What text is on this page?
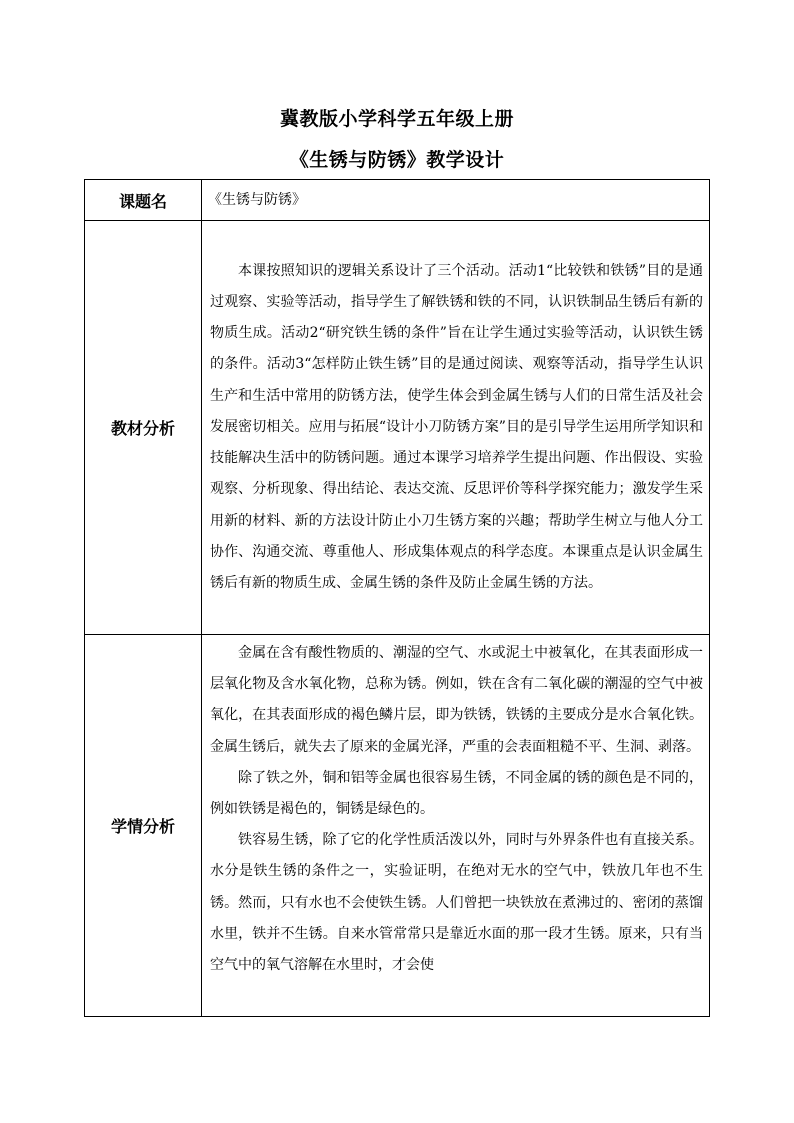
冀教版小学科学五年级上册
《生锈与防锈》教学设计
课题名	《生锈与防锈》
教材分析	本课按照知识的逻辑关系设计了三个活动。活动1“比较铁和铁锈”目的是通过观察、实验等活动，指导学生了解铁锈和铁的不同，认识铁制品生锈后有新的物质生成。活动2“研究铁生锈的条件”旨在让学生通过实验等活动，认识铁生锈的条件。活动3“怎样防止铁生锈”目的是通过阅读、观察等活动，指导学生认识生产和生活中常用的防锈方法，使学生体会到金属生锈与人们的日常生活及社会发展密切相关。应用与拓展“设计小刀防锈方案”目的是引导学生运用所学知识和技能解决生活中的防锈问题。通过本课学习培养学生提出问题、作出假设、实验观察、分析现象、得出结论、表达交流、反思评价等科学探究能力；激发学生采用新的材料、新的方法设计防止小刀生锈方案的兴趣；帮助学生树立与他人分工协作、沟通交流、尊重他人、形成集体观点的科学态度。本课重点是认识金属生锈后有新的物质生成、金属生锈的条件及防止金属生锈的方法。

学情分析	金属在含有酸性物质的、潮湿的空气、水或泥土中被氧化，在其表面形成一层氧化物及含水氧化物，总称为锈。例如，铁在含有二氧化碳的潮湿的空气中被氧化，在其表面形成的褐色鳞片层，即为铁锈，铁锈的主要成分是水合氧化铁。金属生锈后，就失去了原来的金属光泽，严重的会表面粗糙不平、生洞、剥落。

除了铁之外，铜和铝等金属也很容易生锈，不同金属的锈的颜色是不同的，例如铁锈是褐色的，铜锈是绿色的。

铁容易生锈，除了它的化学性质活泼以外，同时与外界条件也有直接关系。水分是铁生锈的条件之一，实验证明，在绝对无水的空气中，铁放几年也不生锈。然而，只有水也不会使铁生锈。人们曾把一块铁放在煮沸过的、密闭的蒸馏水里，铁并不生锈。自来水管常常只是靠近水面的那一段才生锈。原来，只有当空气中的氧气溶解在水里时，才会使
